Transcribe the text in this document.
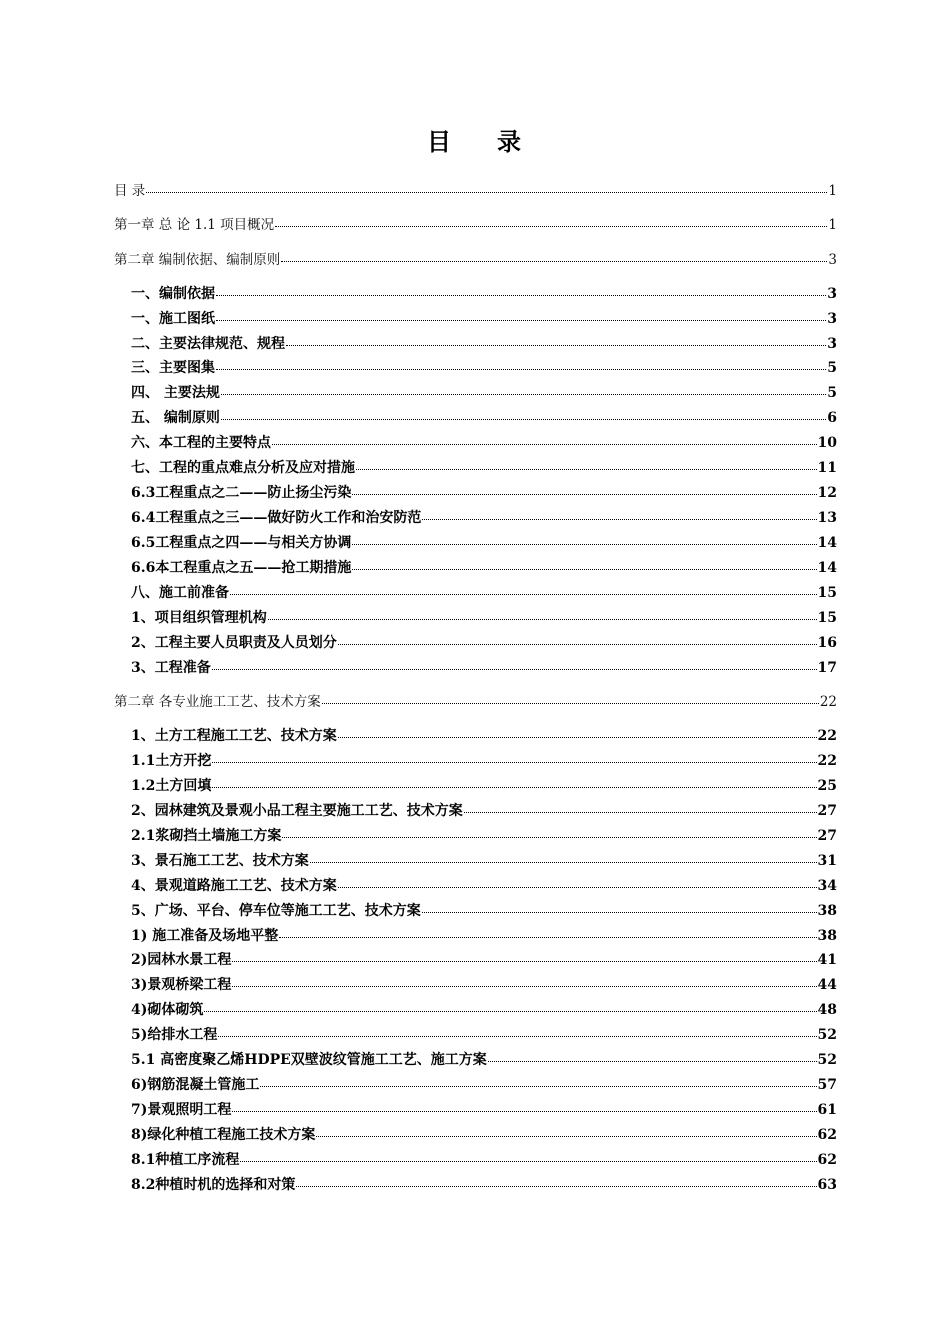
目 录
目 录	1
第一章 总 论 1.1 项目概况	1
第二章 编制依据、编制原则	3
一、编制依据	3
一、施工图纸	3
二、主要法律规范、规程	3
三、主要图集	5
四、 主要法规	5
五、 编制原则	6
六、本工程的主要特点	10
七、工程的重点难点分析及应对措施	11
6.3工程重点之二——防止扬尘污染	12
6.4工程重点之三——做好防火工作和治安防范	13
6.5工程重点之四——与相关方协调	14
6.6本工程重点之五——抢工期措施	14
八、施工前准备	15
1、项目组织管理机构	15
2、工程主要人员职责及人员划分	16
3、工程准备	17
第二章 各专业施工工艺、技术方案	22
1、土方工程施工工艺、技术方案	22
1.1土方开挖	22
1.2土方回填	25
2、园林建筑及景观小品工程主要施工工艺、技术方案	27
2.1浆砌挡土墙施工方案	27
3、景石施工工艺、技术方案	31
4、景观道路施工工艺、技术方案	34
5、广场、平台、停车位等施工工艺、技术方案	38
1) 施工准备及场地平整	38
2)园林水景工程	41
3)景观桥梁工程	44
4)砌体砌筑	48
5)给排水工程	52
5.1 高密度聚乙烯HDPE双壁波纹管施工工艺、施工方案	52
6)钢筋混凝土管施工	57
7)景观照明工程	61
8)绿化种植工程施工技术方案	62
8.1种植工序流程	62
8.2种植时机的选择和对策	63
